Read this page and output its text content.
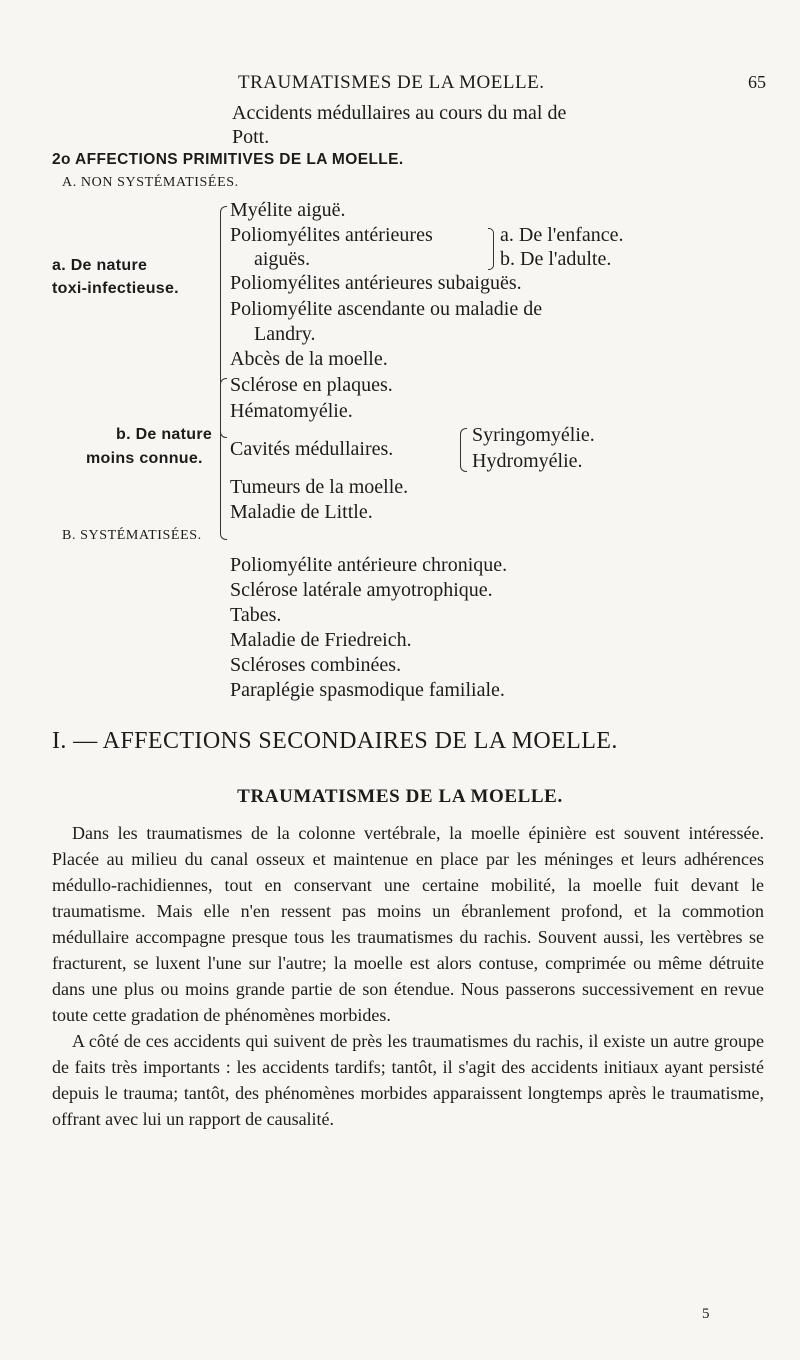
TRAUMATISMES DE LA MOELLE.	65
Accidents médullaires au cours du mal de
Pott.
2o AFFECTIONS PRIMITIVES DE LA MOELLE.
A. NON SYSTÉMATISÉES.
a. De nature
toxi-infectieuse.
Myélite aiguë.
Poliomyélites antérieures
aiguës.
a. De l'enfance.
b. De l'adulte.
Poliomyélites antérieures subaiguës.
Poliomyélite ascendante ou maladie de
Landry.
Abcès de la moelle.
b. De nature
moins connue.
Sclérose en plaques.
Hématomyélie.
Cavités médullaires.
Syringomyélie.
Hydromyélie.
Tumeurs de la moelle.
Maladie de Little.
B. SYSTÉMATISÉES.
Poliomyélite antérieure chronique.
Sclérose latérale amyotrophique.
Tabes.
Maladie de Friedreich.
Scléroses combinées.
Paraplégie spasmodique familiale.
I. — AFFECTIONS SECONDAIRES DE LA MOELLE.
TRAUMATISMES DE LA MOELLE.

Dans les traumatismes de la colonne vertébrale, la moelle épinière est souvent intéressée. Placée au milieu du canal osseux et maintenue en place par les méninges et leurs adhérences médullo-rachidiennes, tout en conservant une certaine mobilité, la moelle fuit devant le traumatisme. Mais elle n'en ressent pas moins un ébranlement profond, et la commotion médullaire accompagne presque tous les traumatismes du rachis. Souvent aussi, les vertèbres se fracturent, se luxent l'une sur l'autre; la moelle est alors contuse, comprimée ou même détruite dans une plus ou moins grande partie de son étendue. Nous passerons successivement en revue toute cette gradation de phénomènes morbides.

A côté de ces accidents qui suivent de près les traumatismes du rachis, il existe un autre groupe de faits très importants : les accidents tardifs; tantôt, il s'agit des accidents initiaux ayant persisté depuis le trauma; tantôt, des phénomènes morbides apparaissent longtemps après le traumatisme, offrant avec lui un rapport de causalité.

5
